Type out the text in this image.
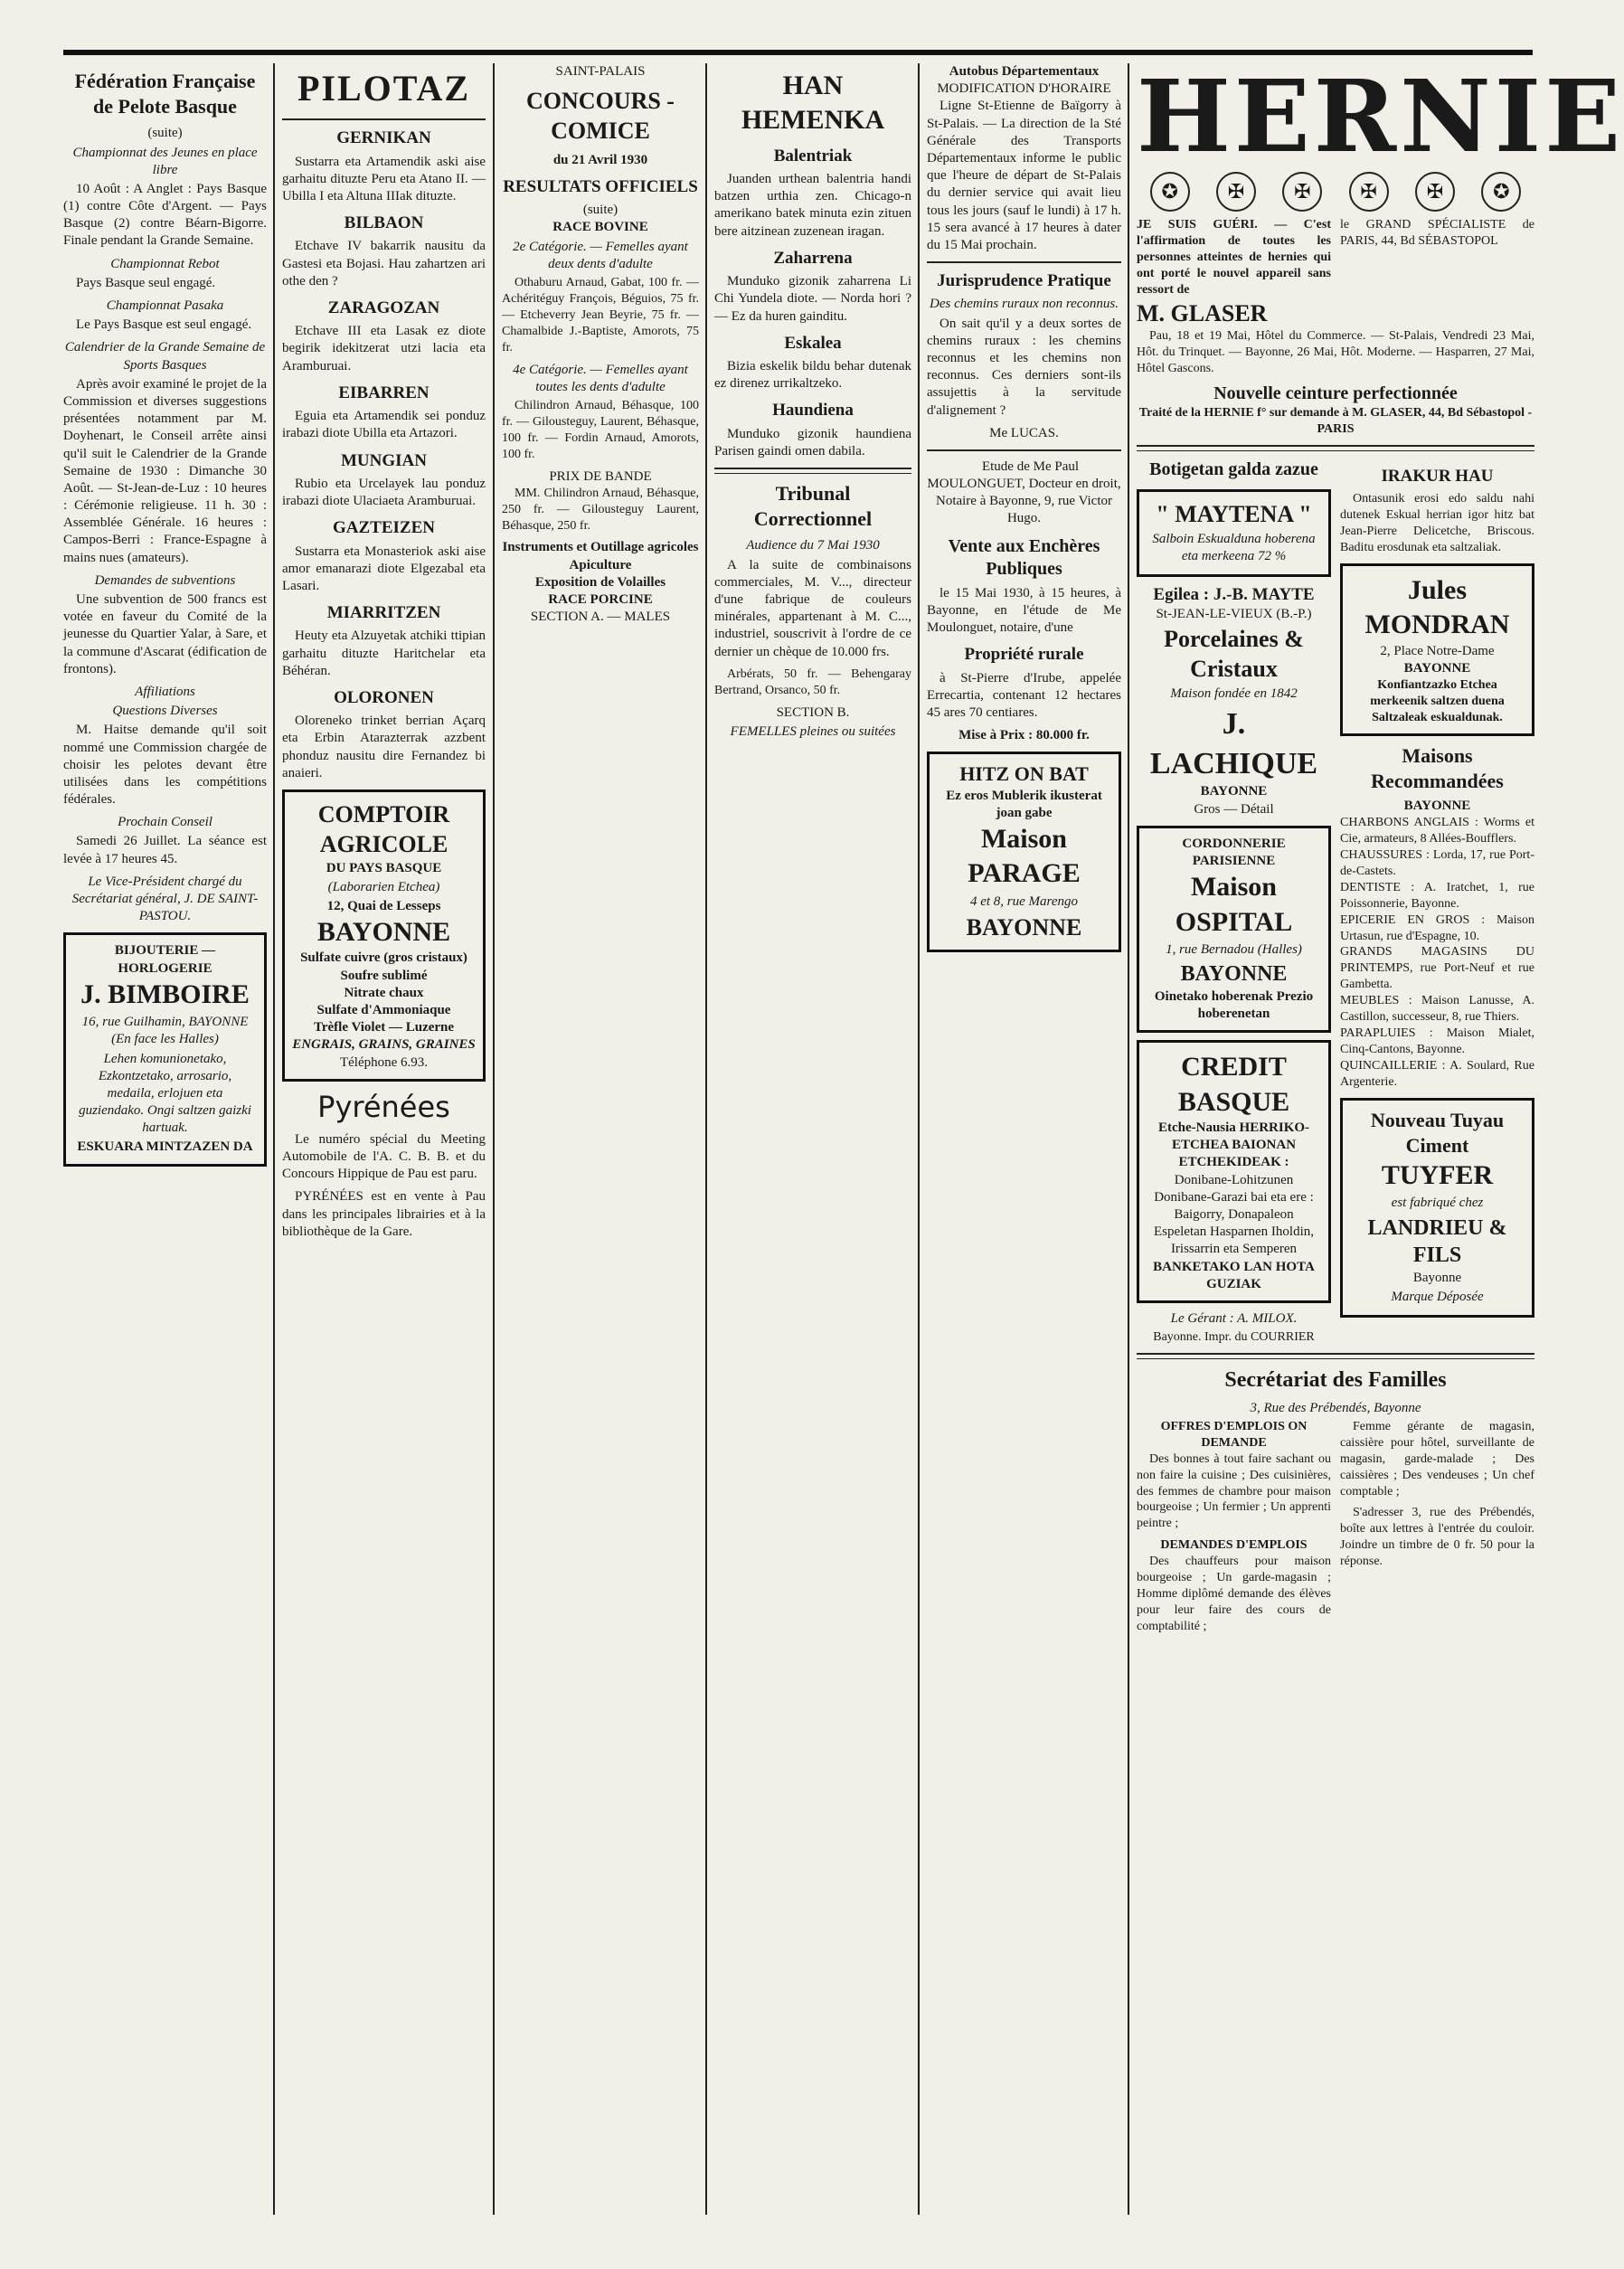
Fédération Française de Pelote Basque
(suite)
Championnat des Jeunes en place libre

10 Août : A Anglet : Pays Basque (1) contre Côte d'Argent. — Pays Basque (2) contre Béarn-Bigorre. Finale pendant la Grande Semaine.

Championnat Rebot

Pays Basque seul engagé.

Championnat Pasaka

Le Pays Basque est seul engagé.

Calendrier de la Grande Semaine de Sports Basques

Après avoir examiné le projet de la Commission et diverses suggestions présentées notamment par M. Doyhenart, le Conseil arrête ainsi qu'il suit le Calendrier de la Grande Semaine de 1930 : Dimanche 30 Août. — St-Jean-de-Luz : 10 heures : Cérémonie religieuse. 11 h. 30 : Assemblée Générale. 16 heures : Campos-Berri : France-Espagne à mains nues (amateurs).

Demandes de subventions

Une subvention de 500 francs est votée en faveur du Comité de la jeunesse du Quartier Yalar, à Sare, et la commune d'Ascarat (édification de frontons).

Affiliations
Questions Diverses

M. Haitse demande qu'il soit nommé une Commission chargée de choisir les pelotes devant être utilisées dans les compétitions fédérales.

Prochain Conseil

Samedi 26 Juillet. La séance est levée à 17 heures 45.

Le Vice-Président chargé du Secrétariat général, J. DE SAINT-PASTOU.
BIJOUTERIE — HORLOGERIE
J. BIMBOIRE
16, rue Guilhamin, BAYONNE (En face les Halles)
Lehen komunionetako, Ezkontzetako, arrosario, medaila, erlojuen eta guziendako. Ongi saltzen gaizki hartuak.
ESKUARA MINTZAZEN DA
PILOTAZ
GERNIKAN

Sustarra eta Artamendik aski aise garhaitu dituzte Peru eta Atano II. — Ubilla I eta Altuna IIIak dituzte.

BILBAON

Etchave IV bakarrik nausitu da Gastesi eta Bojasi. Hau zahartzen ari othe den ?

ZARAGOZAN

Etchave III eta Lasak ez diote begirik idekitzerat utzi lacia eta Aramburuai.

EIBARREN

Eguia eta Artamendik sei ponduz irabazi diote Ubilla eta Artazori.

MUNGIAN

Rubio eta Urcelayek lau ponduz irabazi diote Ulaciaeta Aramburuai.

GAZTEIZEN

Sustarra eta Monasteriok aski aise amor emanarazi diote Elgezabal eta Lasari.

MIARRITZEN

Heuty eta Alzuyetak atchiki ttipian garhaitu dituzte Haritchelar eta Béhéran.

OLORONEN

Oloreneko trinket berrian Açarq eta Erbin Atarazterrak azzbent phonduz nausitu dire Fernandez bi anaieri.

COMPTOIR AGRICOLE
DU PAYS BASQUE
(Laborarien Etchea)
12, Quai de Lesseps
BAYONNE
Sulfate cuivre (gros cristaux)
Soufre sublimé
Nitrate chaux
Sulfate d'Ammoniaque
Trèfle Violet — Luzerne
ENGRAIS, GRAINS, GRAINES
Téléphone 6.93.
Pyrénées

Le numéro spécial du Meeting Automobile de l'A. C. B. B. et du Concours Hippique de Pau est paru.

PYRÉNÉES est en vente à Pau dans les principales librairies et à la bibliothèque de la Gare.

SAINT-PALAIS
CONCOURS - COMICE
du 21 Avril 1930
RESULTATS OFFICIELS
(suite)
RACE BOVINE
2e Catégorie. — Femelles ayant deux dents d'adulte

Othaburu Arnaud, Gabat, 100 fr. — Achéritéguy François, Béguios, 75 fr. — Etcheverry Jean Beyrie, 75 fr. — Chamalbide J.-Baptiste, Amorots, 75 fr.

4e Catégorie. — Femelles ayant toutes les dents d'adulte

Chilindron Arnaud, Béhasque, 100 fr. — Gilousteguy, Laurent, Béhasque, 100 fr. — Fordin Arnaud, Amorots, 100 fr.

PRIX DE BANDE

MM. Chilindron Arnaud, Béhasque, 250 fr. — Gilousteguy Laurent, Béhasque, 250 fr.

Instruments et Outillage agricoles
Apiculture
Exposition de Volailles
RACE PORCINE
SECTION A. — MALES
HAN HEMENKA
Balentriak

Juanden urthean balentria handi batzen urthia zen. Chicago-n amerikano batek minuta ezin zituen bere aitzinean zuzenean iragan.

Zaharrena

Munduko gizonik zaharrena Li Chi Yundela diote. — Norda hori ? — Ez da huren gainditu.

Eskalea

Bizia eskelik bildu behar dutenak ez direnez urrikaltzeko.

Haundiena

Munduko gizonik haundiena Parisen gaindi omen dabila.

Tribunal Correctionnel
Audience du 7 Mai 1930

A la suite de combinaisons commerciales, M. V..., directeur d'une fabrique de couleurs minérales, appartenant à M. C..., industriel, souscrivit à l'ordre de ce dernier un chèque de 10.000 frs.

Arbérats, 50 fr. — Behengaray Bertrand, Orsanco, 50 fr.

SECTION B.
FEMELLES pleines ou suitées
Autobus Départementaux
MODIFICATION D'HORAIRE

Ligne St-Etienne de Baïgorry à St-Palais. — La direction de la Sté Générale des Transports Départementaux informe le public que l'heure de départ de St-Palais du dernier service qui avait lieu tous les jours (sauf le lundi) à 17 h. 15 sera avancé à 17 heures à dater du 15 Mai prochain.

Jurisprudence Pratique
Des chemins ruraux non reconnus.

On sait qu'il y a deux sortes de chemins ruraux : les chemins reconnus et les chemins non reconnus. Ces derniers sont-ils assujettis à la servitude d'alignement ?

Me LUCAS.

Etude de Me Paul MOULONGUET, Docteur en droit, Notaire à Bayonne, 9, rue Victor Hugo.

Vente aux Enchères Publiques

le 15 Mai 1930, à 15 heures, à Bayonne, en l'étude de Me Moulonguet, notaire, d'une

Propriété rurale

à St-Pierre d'Irube, appelée Errecartia, contenant 12 hectares 45 ares 70 centiares.

Mise à Prix : 80.000 fr.
HITZ ON BAT
Ez eros Mublerik ikusterat joan gabe
Maison PARAGE
4 et 8, rue Marengo
BAYONNE
HERNIE
✪	✠	✠	✠	✠	✪
JE SUIS GUÉRI. — C'est l'affirmation de toutes les personnes atteintes de hernies qui ont porté le nouvel appareil sans ressort de
M. GLASER
le GRAND SPÉCIALISTE de PARIS, 44, Bd SÉBASTOPOL

Pau, 18 et 19 Mai, Hôtel du Commerce. — St-Palais, Vendredi 23 Mai, Hôt. du Trinquet. — Bayonne, 26 Mai, Hôt. Moderne. — Hasparren, 27 Mai, Hôtel Gascons.

Nouvelle ceinture perfectionnée
Traité de la HERNIE f° sur demande à M. GLASER, 44, Bd Sébastopol - PARIS
Botigetan galda zazue
" MAYTENA "
Salboin Eskualduna hoberena eta merkeena 72 %
Egilea : J.-B. MAYTE
St-JEAN-LE-VIEUX (B.-P.)
Porcelaines & Cristaux
Maison fondée en 1842
J. LACHIQUE
BAYONNE
Gros — Détail
CORDONNERIE PARISIENNE
Maison OSPITAL
1, rue Bernadou (Halles)
BAYONNE
Oinetako hoberenak Prezio hoberenetan
CREDIT BASQUE
Etche-Nausia HERRIKO-ETCHEA BAIONAN
ETCHEKIDEAK :
Donibane-Lohitzunen Donibane-Garazi bai eta ere : Baigorry, Donapaleon Espeletan Hasparnen Iholdin, Irissarrin eta Semperen
BANKETAKO LAN HOTA GUZIAK
Le Gérant : A. MILOX.
Bayonne. Impr. du COURRIER
IRAKUR HAU

Ontasunik erosi edo saldu nahi dutenek Eskual herrian igor hitz bat Jean-Pierre Delicetche, Briscous. Baditu erosdunak eta saltzaliak.

Jules MONDRAN
2, Place Notre-Dame
BAYONNE
Konfiantzazko Etchea merkeenik saltzen duena Saltzaleak eskualdunak.
Maisons Recommandées
BAYONNE
CHARBONS ANGLAIS : Worms et Cie, armateurs, 8 Allées-Boufflers.
CHAUSSURES : Lorda, 17, rue Port-de-Castets.
DENTISTE : A. Iratchet, 1, rue Poissonnerie, Bayonne.
EPICERIE EN GROS : Maison Urtasun, rue d'Espagne, 10.
GRANDS MAGASINS DU PRINTEMPS, rue Port-Neuf et rue Gambetta.
MEUBLES : Maison Lanusse, A. Castillon, successeur, 8, rue Thiers.
PARAPLUIES : Maison Mialet, Cinq-Cantons, Bayonne.
QUINCAILLERIE : A. Soulard, Rue Argenterie.
Nouveau Tuyau Ciment
TUYFER
est fabriqué chez
LANDRIEU & FILS
Bayonne
Marque Déposée
Secrétariat des Familles
3, Rue des Prébendés, Bayonne
OFFRES D'EMPLOIS ON DEMANDE

Des bonnes à tout faire sachant ou non faire la cuisine ; Des cuisinières, des femmes de chambre pour maison bourgeoise ; Un fermier ; Un apprenti peintre ;

DEMANDES D'EMPLOIS

Des chauffeurs pour maison bourgeoise ; Un garde-magasin ; Homme diplômé demande des élèves pour leur faire des cours de comptabilité ;

Femme gérante de magasin, caissière pour hôtel, surveillante de magasin, garde-malade ; Des caissières ; Des vendeuses ; Un chef comptable ;

S'adresser 3, rue des Prébendés, boîte aux lettres à l'entrée du couloir. Joindre un timbre de 0 fr. 50 pour la réponse.
